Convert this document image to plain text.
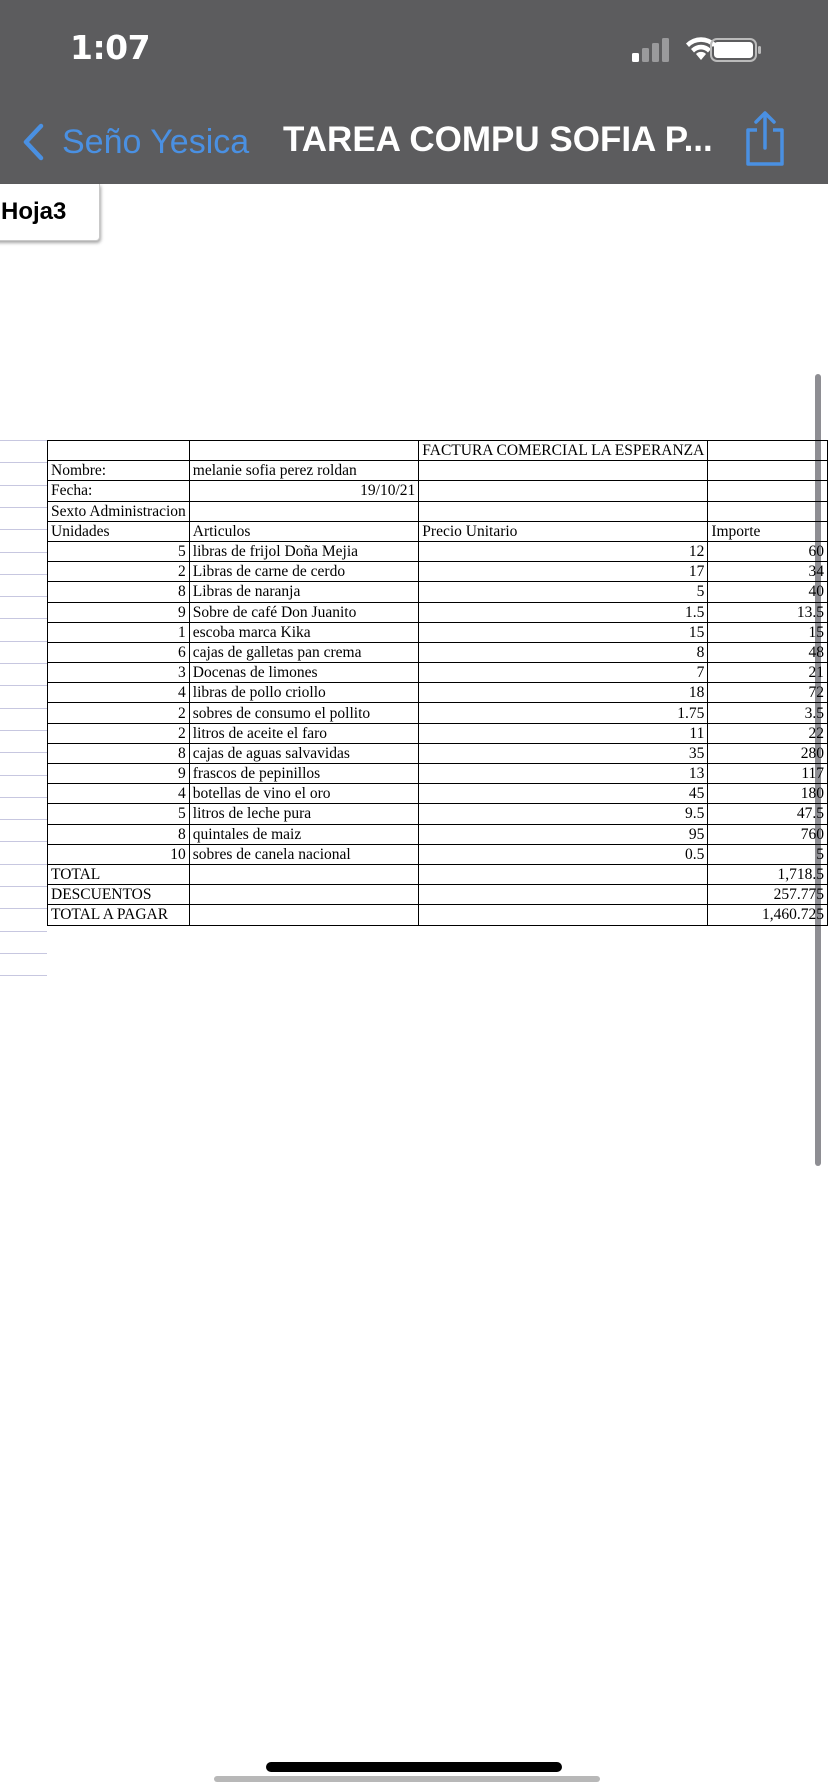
1:07
Seño Yesica TAREA COMPU SOFIA P...
Hoja3
		FACTURA COMERCIAL LA ESPERANZA	
Nombre:	melanie sofia perez roldan		
Fecha:	19/10/21		
Sexto Administracion			
Unidades	Articulos	Precio Unitario	Importe
5	libras de frijol Doña Mejia	12	60
2	Libras de carne de cerdo	17	34
8	Libras de naranja	5	40
9	Sobre de café Don Juanito	1.5	13.5
1	escoba marca Kika	15	15
6	cajas de galletas pan crema	8	48
3	Docenas de limones	7	21
4	libras de pollo criollo	18	72
2	sobres de consumo el pollito	1.75	3.5
2	litros de aceite el faro	11	22
8	cajas de aguas salvavidas	35	280
9	frascos de pepinillos	13	117
4	botellas de vino el oro	45	180
5	litros de leche pura	9.5	47.5
8	quintales de maiz	95	760
10	sobres de canela nacional	0.5	5
TOTAL			1,718.5
DESCUENTOS			257.775
TOTAL A PAGAR			1,460.725
